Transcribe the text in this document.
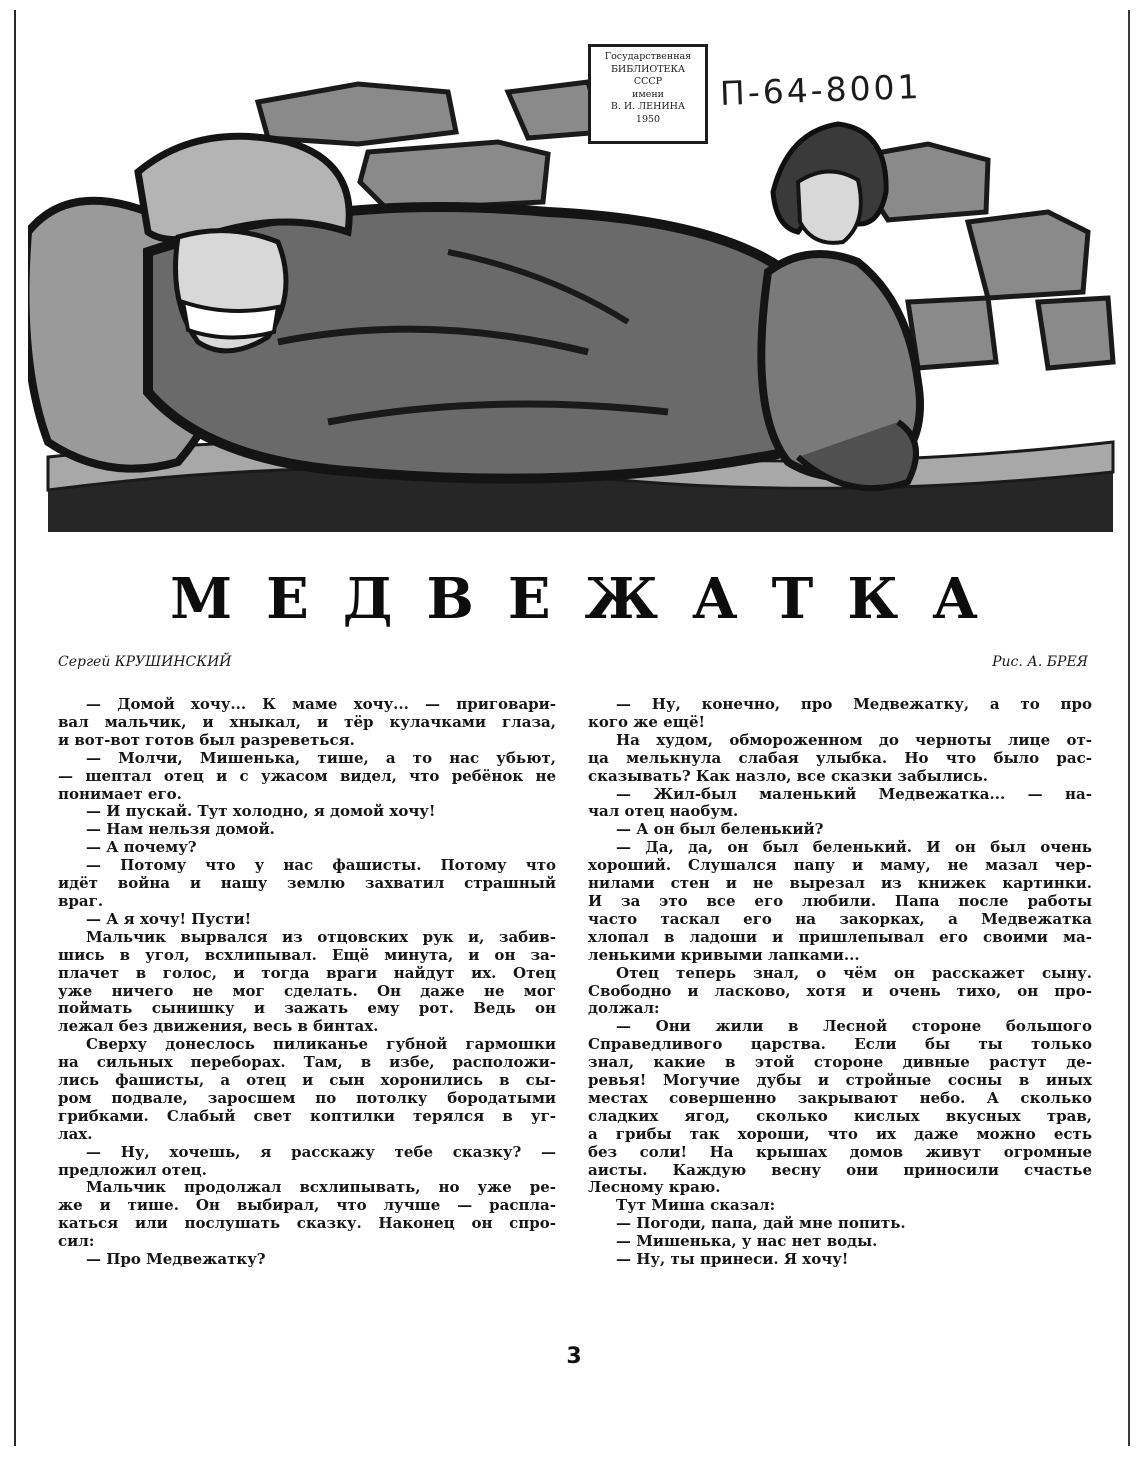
Государственная
БИБЛИОТЕКА
СССР
имени
В. И. ЛЕНИНА
1950
П-64-8001
МЕДВЕЖАТКА
Сергей КРУШИНСКИЙ	Рис. А. БРЕЯ
— Домой хочу... К маме хочу... — приговари-
вал мальчик, и хныкал, и тёр кулачками глаза,
и вот-вот готов был разреветься.
— Молчи, Мишенька, тише, а то нас убьют,
— шептал отец и с ужасом видел, что ребёнок не
понимает его.
— И пускай. Тут холодно, я домой хочу!
— Нам нельзя домой.
— А почему?
— Потому что у нас фашисты. Потому что
идёт война и нашу землю захватил страшный
враг.
— А я хочу! Пусти!
Мальчик вырвался из отцовских рук и, забив-
шись в угол, всхлипывал. Ещё минута, и он за-
плачет в голос, и тогда враги найдут их. Отец
уже ничего не мог сделать. Он даже не мог
поймать сынишку и зажать ему рот. Ведь он
лежал без движения, весь в бинтах.
Сверху донеслось пиликанье губной гармошки
на сильных переборах. Там, в избе, расположи-
лись фашисты, а отец и сын хоронились в сы-
ром подвале, заросшем по потолку бородатыми
грибками. Слабый свет коптилки терялся в уг-
лах.
— Ну, хочешь, я расскажу тебе сказку? —
предложил отец.
Мальчик продолжал всхлипывать, но уже ре-
же и тише. Он выбирал, что лучше — распла-
каться или послушать сказку. Наконец он спро-
сил:
— Про Медвежатку?
— Ну, конечно, про Медвежатку, а то про
кого же ещё!
На худом, обмороженном до черноты лице от-
ца мелькнула слабая улыбка. Но что было рас-
сказывать? Как назло, все сказки забылись.
— Жил-был маленький Медвежатка... — на-
чал отец наобум.
— А он был беленький?
— Да, да, он был беленький. И он был очень
хороший. Слушался папу и маму, не мазал чер-
нилами стен и не вырезал из книжек картинки.
И за это все его любили. Папа после работы
часто таскал его на закорках, а Медвежатка
хлопал в ладоши и пришлепывал его своими ма-
ленькими кривыми лапками...
Отец теперь знал, о чём он расскажет сыну.
Свободно и ласково, хотя и очень тихо, он про-
должал:
— Они жили в Лесной стороне большого
Справедливого царства. Если бы ты только
знал, какие в этой стороне дивные растут де-
ревья! Могучие дубы и стройные сосны в иных
местах совершенно закрывают небо. А сколько
сладких ягод, сколько кислых вкусных трав,
а грибы так хороши, что их даже можно есть
без соли! На крышах домов живут огромные
аисты. Каждую весну они приносили счастье
Лесному краю.
Тут Миша сказал:
— Погоди, папа, дай мне попить.
— Мишенька, у нас нет воды.
— Ну, ты принеси. Я хочу!
3
